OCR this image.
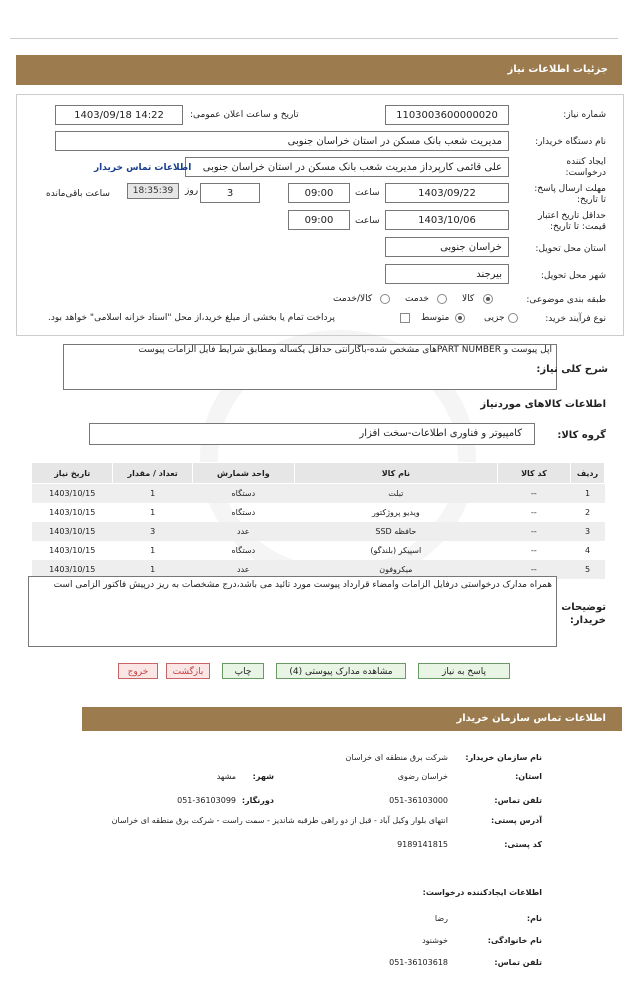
جزئیات اطلاعات نیاز
شماره نیاز:
1103003600000020
تاریخ و ساعت اعلان عمومی:
1403/09/18 14:22
نام دستگاه خریدار:
مدیریت شعب بانک مسکن در استان خراسان جنوبی
ایجاد کننده
درخواست:
علی قائمی کارپرداز مدیریت شعب بانک مسکن در استان خراسان جنوبی
اطلاعات تماس خریدار
مهلت ارسال پاسخ:
تا تاریخ:
1403/09/22
ساعت
09:00
3
روز
18:35:39
ساعت باقی‌مانده
حداقل تاریخ اعتبار
قیمت: تا تاریخ:
1403/10/06
ساعت
09:00
استان محل تحویل:
خراسان جنوبی
شهر محل تحویل:
بیرجند
طبقه بندی موضوعی:
کالا
خدمت
کالا/خدمت
نوع فرآیند خرید:
جزیی
متوسط
پرداخت تمام یا بخشی از مبلغ خرید،از محل "اسناد خزانه اسلامی" خواهد بود.
اپل پیوست و PART NUMBERهای مشخص شده-باگارانتی حداقل یکساله ومطابق شرایط فایل الزامات پیوست
شرح کلی نیاز:
اطلاعات کالاهای موردنیاز
کامپیوتر و فناوری اطلاعات-سخت افزار	گروه کالا:
ردیف	کد کالا	نام کالا	واحد شمارش	تعداد / مقدار	تاریخ نیاز
1	--	تبلت	دستگاه	1	1403/10/15
2	--	ویدیو پروژکتور	دستگاه	1	1403/10/15
3	--	حافظه SSD	عدد	3	1403/10/15
4	--	اسپیکر (بلندگو)	دستگاه	1	1403/10/15
5	--	میکروفون	عدد	1	1403/10/15
همراه مدارک درخواستی درفایل الزامات وامضاء قرارداد پیوست مورد تائید می باشد،درج مشخصات به ریز درپیش فاکتور الزامی است
توضیحات
خریدار:
پاسخ به نیاز
مشاهده مدارک پیوستی (4)
چاپ
بازگشت
خروج
اطلاعات تماس سازمان خریدار
نام سازمان خریدار:
شرکت برق منطقه ای خراسان
استان:
خراسان رضوی
شهر:
مشهد
تلفن تماس:
051-36103000
دورنگار:
051-36103099
آدرس پستی:
انتهای بلوار وکیل آباد - قبل از دو راهی طرقبه شاندیز - سمت راست - شرکت برق منطقه ای خراسان
کد پستی:
9189141815
اطلاعات ایجادکننده درخواست:
نام:
رضا
نام خانوادگی:
خوشنود
تلفن تماس:
051-36103618
